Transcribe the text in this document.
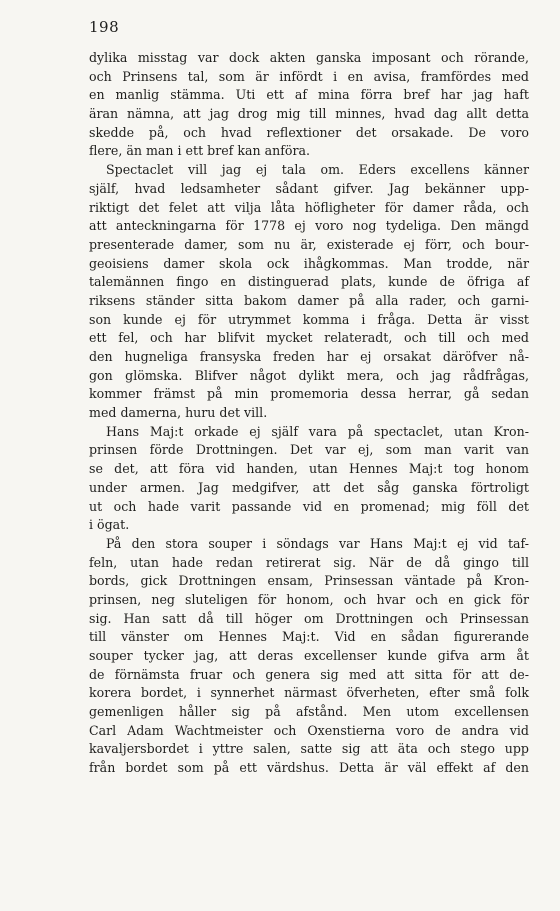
198
dylika misstag var dock akten ganska imposant och rörande,
och Prinsens tal, som är infördt i en avisa, framfördes med
en manlig stämma. Uti ett af mina förra bref har jag haft
äran nämna, att jag drog mig till minnes, hvad dag allt detta
skedde på, och hvad reflextioner det orsakade. De voro
flere, än man i ett bref kan anföra.
Spectaclet vill jag ej tala om. Eders excellens känner
själf, hvad ledsamheter sådant gifver. Jag bekänner upp-
riktigt det felet att vilja låta höfligheter för damer råda, och
att anteckningarna för 1778 ej voro nog tydeliga. Den mängd
presenterade damer, som nu är, existerade ej förr, och bour-
geoisiens damer skola ock ihågkommas. Man trodde, när
talemännen fingo en distinguerad plats, kunde de öfriga af
riksens ständer sitta bakom damer på alla rader, och garni-
son kunde ej för utrymmet komma i fråga. Detta är visst
ett fel, och har blifvit mycket relateradt, och till och med
den hugneliga fransyska freden har ej orsakat däröfver nå-
gon glömska. Blifver något dylikt mera, och jag rådfrågas,
kommer främst på min promemoria dessa herrar, gå sedan
med damerna, huru det vill.
Hans Maj:t orkade ej själf vara på spectaclet, utan Kron-
prinsen förde Drottningen. Det var ej, som man varit van
se det, att föra vid handen, utan Hennes Maj:t tog honom
under armen. Jag medgifver, att det såg ganska förtroligt
ut och hade varit passande vid en promenad; mig föll det
i ögat.
På den stora souper i söndags var Hans Maj:t ej vid taf-
feln, utan hade redan retirerat sig. När de då gingo till
bords, gick Drottningen ensam, Prinsessan väntade på Kron-
prinsen, neg sluteligen för honom, och hvar och en gick för
sig. Han satt då till höger om Drottningen och Prinsessan
till vänster om Hennes Maj:t. Vid en sådan figurerande
souper tycker jag, att deras excellenser kunde gifva arm åt
de förnämsta fruar och genera sig med att sitta för att de-
korera bordet, i synnerhet närmast öfverheten, efter små folk
gemenligen håller sig på afstånd. Men utom excellensen
Carl Adam Wachtmeister och Oxenstierna voro de andra vid
kavaljersbordet i yttre salen, satte sig att äta och stego upp
från bordet som på ett värdshus. Detta är väl effekt af den
